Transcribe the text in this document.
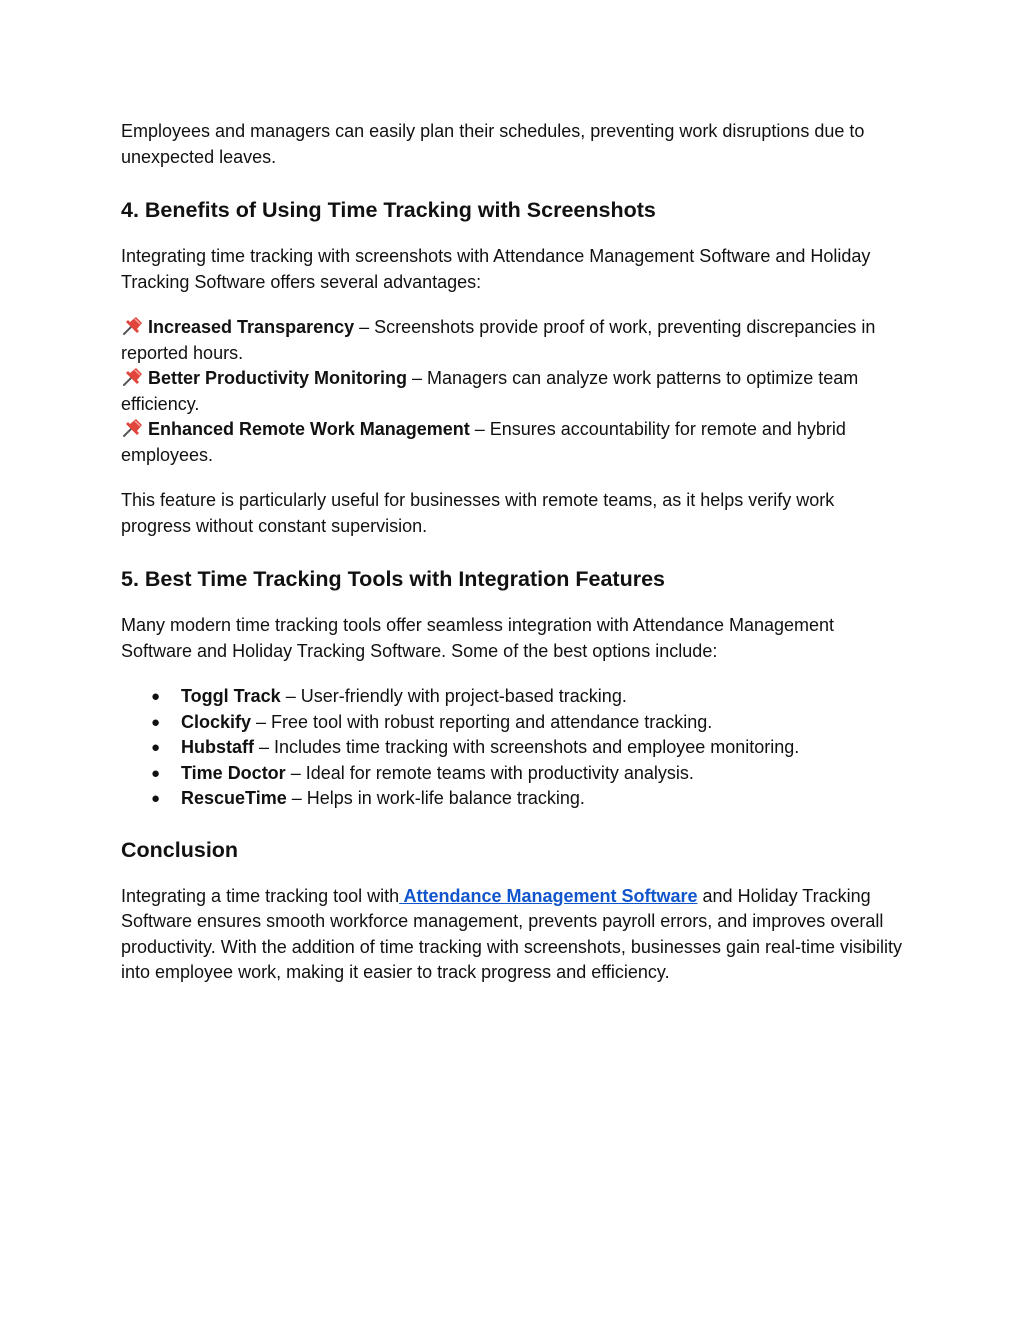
Employees and managers can easily plan their schedules, preventing work disruptions due to unexpected leaves.

4. Benefits of Using Time Tracking with Screenshots

Integrating time tracking with screenshots with Attendance Management Software and Holiday Tracking Software offers several advantages:

Increased Transparency – Screenshots provide proof of work, preventing discrepancies in reported hours.
Better Productivity Monitoring – Managers can analyze work patterns to optimize team efficiency.
Enhanced Remote Work Management – Ensures accountability for remote and hybrid employees.

This feature is particularly useful for businesses with remote teams, as it helps verify work progress without constant supervision.

5. Best Time Tracking Tools with Integration Features

Many modern time tracking tools offer seamless integration with Attendance Management Software and Holiday Tracking Software. Some of the best options include:

● Toggl Track – User-friendly with project-based tracking.
● Clockify – Free tool with robust reporting and attendance tracking.
● Hubstaff – Includes time tracking with screenshots and employee monitoring.
● Time Doctor – Ideal for remote teams with productivity analysis.
● RescueTime – Helps in work-life balance tracking.
Conclusion

Integrating a time tracking tool with Attendance Management Software and Holiday Tracking Software ensures smooth workforce management, prevents payroll errors, and improves overall productivity. With the addition of time tracking with screenshots, businesses gain real-time visibility into employee work, making it easier to track progress and efficiency.
